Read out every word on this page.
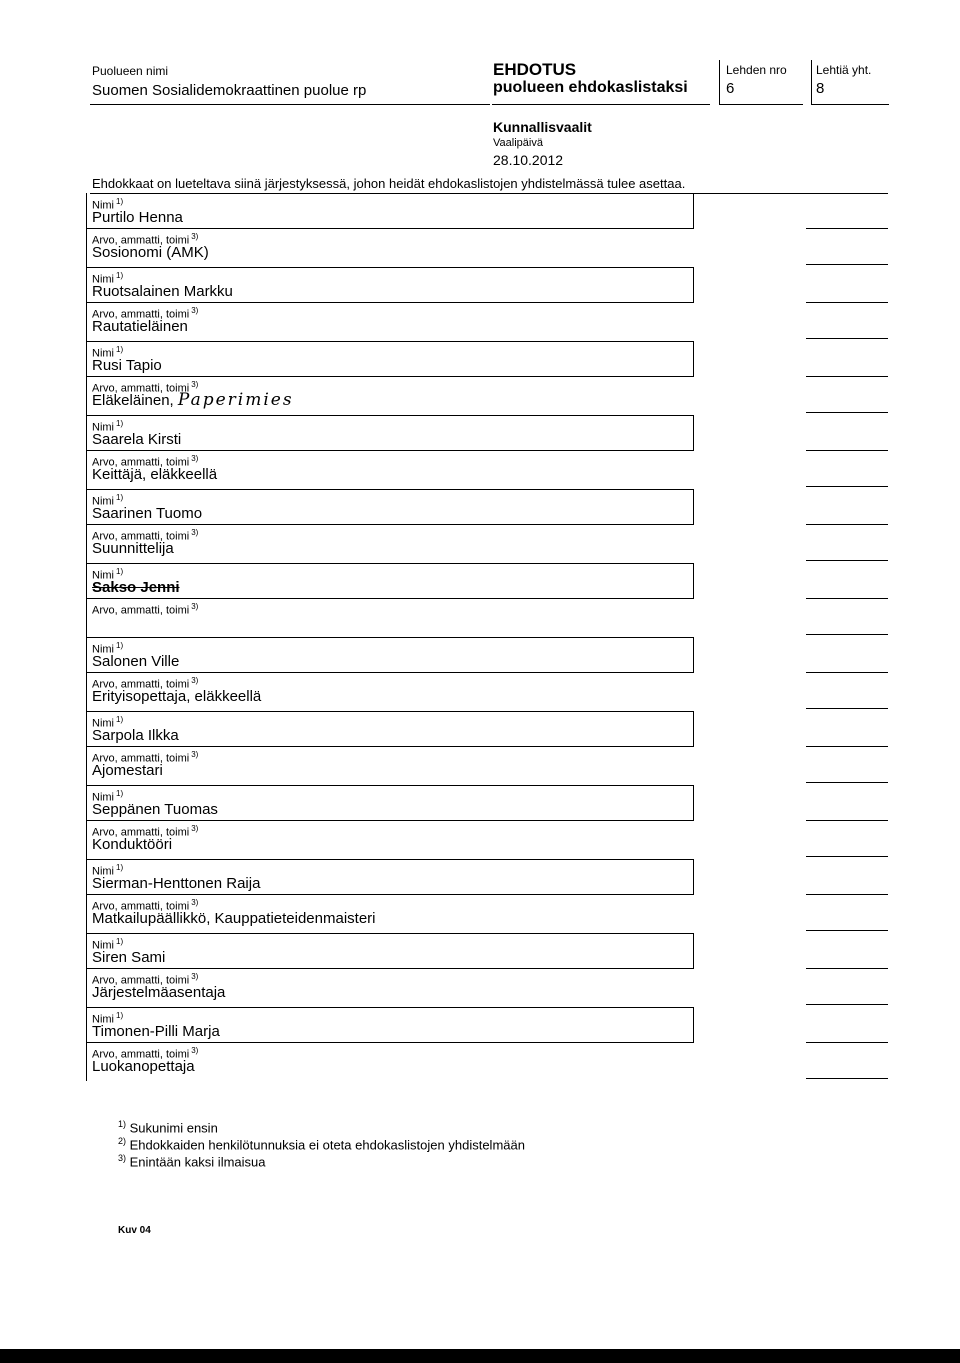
Puolueen nimi
Suomen Sosialidemokraattinen puolue rp
EHDOTUS
puolueen ehdokaslistaksi
Lehden nro
6
Lehtiä yht.
8
Kunnallisvaalit
Vaalipäivä
28.10.2012
Ehdokkaat on lueteltava siinä järjestyksessä, johon heidät ehdokaslistojen yhdistelmässä tulee asettaa.
Nimi $^{1)}$
Purtilo Henna
Arvo, ammatti, toimi $^{3)}$
Sosionomi (AMK)
Nimi $^{1)}$
Ruotsalainen Markku
Arvo, ammatti, toimi $^{3)}$
Rautatieläinen
Nimi $^{1)}$
Rusi Tapio
Arvo, ammatti, toimi $^{3)}$
Eläkeläinen, Paperimies
Nimi $^{1)}$
Saarela Kirsti
Arvo, ammatti, toimi $^{3)}$
Keittäjä, eläkkeellä
Nimi $^{1)}$
Saarinen Tuomo
Arvo, ammatti, toimi $^{3)}$
Suunnittelija
Nimi $^{1)}$
Sakso Jenni
Arvo, ammatti, toimi $^{3)}$
Nimi $^{1)}$
Salonen Ville
Arvo, ammatti, toimi $^{3)}$
Erityisopettaja, eläkkeellä
Nimi $^{1)}$
Sarpola Ilkka
Arvo, ammatti, toimi $^{3)}$
Ajomestari
Nimi $^{1)}$
Seppänen Tuomas
Arvo, ammatti, toimi $^{3)}$
Konduktööri
Nimi $^{1)}$
Sierman-Henttonen Raija
Arvo, ammatti, toimi $^{3)}$
Matkailupäällikkö, Kauppatieteidenmaisteri
Nimi $^{1)}$
Siren Sami
Arvo, ammatti, toimi $^{3)}$
Järjestelmäasentaja
Nimi $^{1)}$
Timonen-Pilli Marja
Arvo, ammatti, toimi $^{3)}$
Luokanopettaja
$^{1)}$ Sukunimi ensin
$^{2)}$ Ehdokkaiden henkilötunnuksia ei oteta ehdokaslistojen yhdistelmään
$^{3)}$ Enintään kaksi ilmaisua
Kuv 04
